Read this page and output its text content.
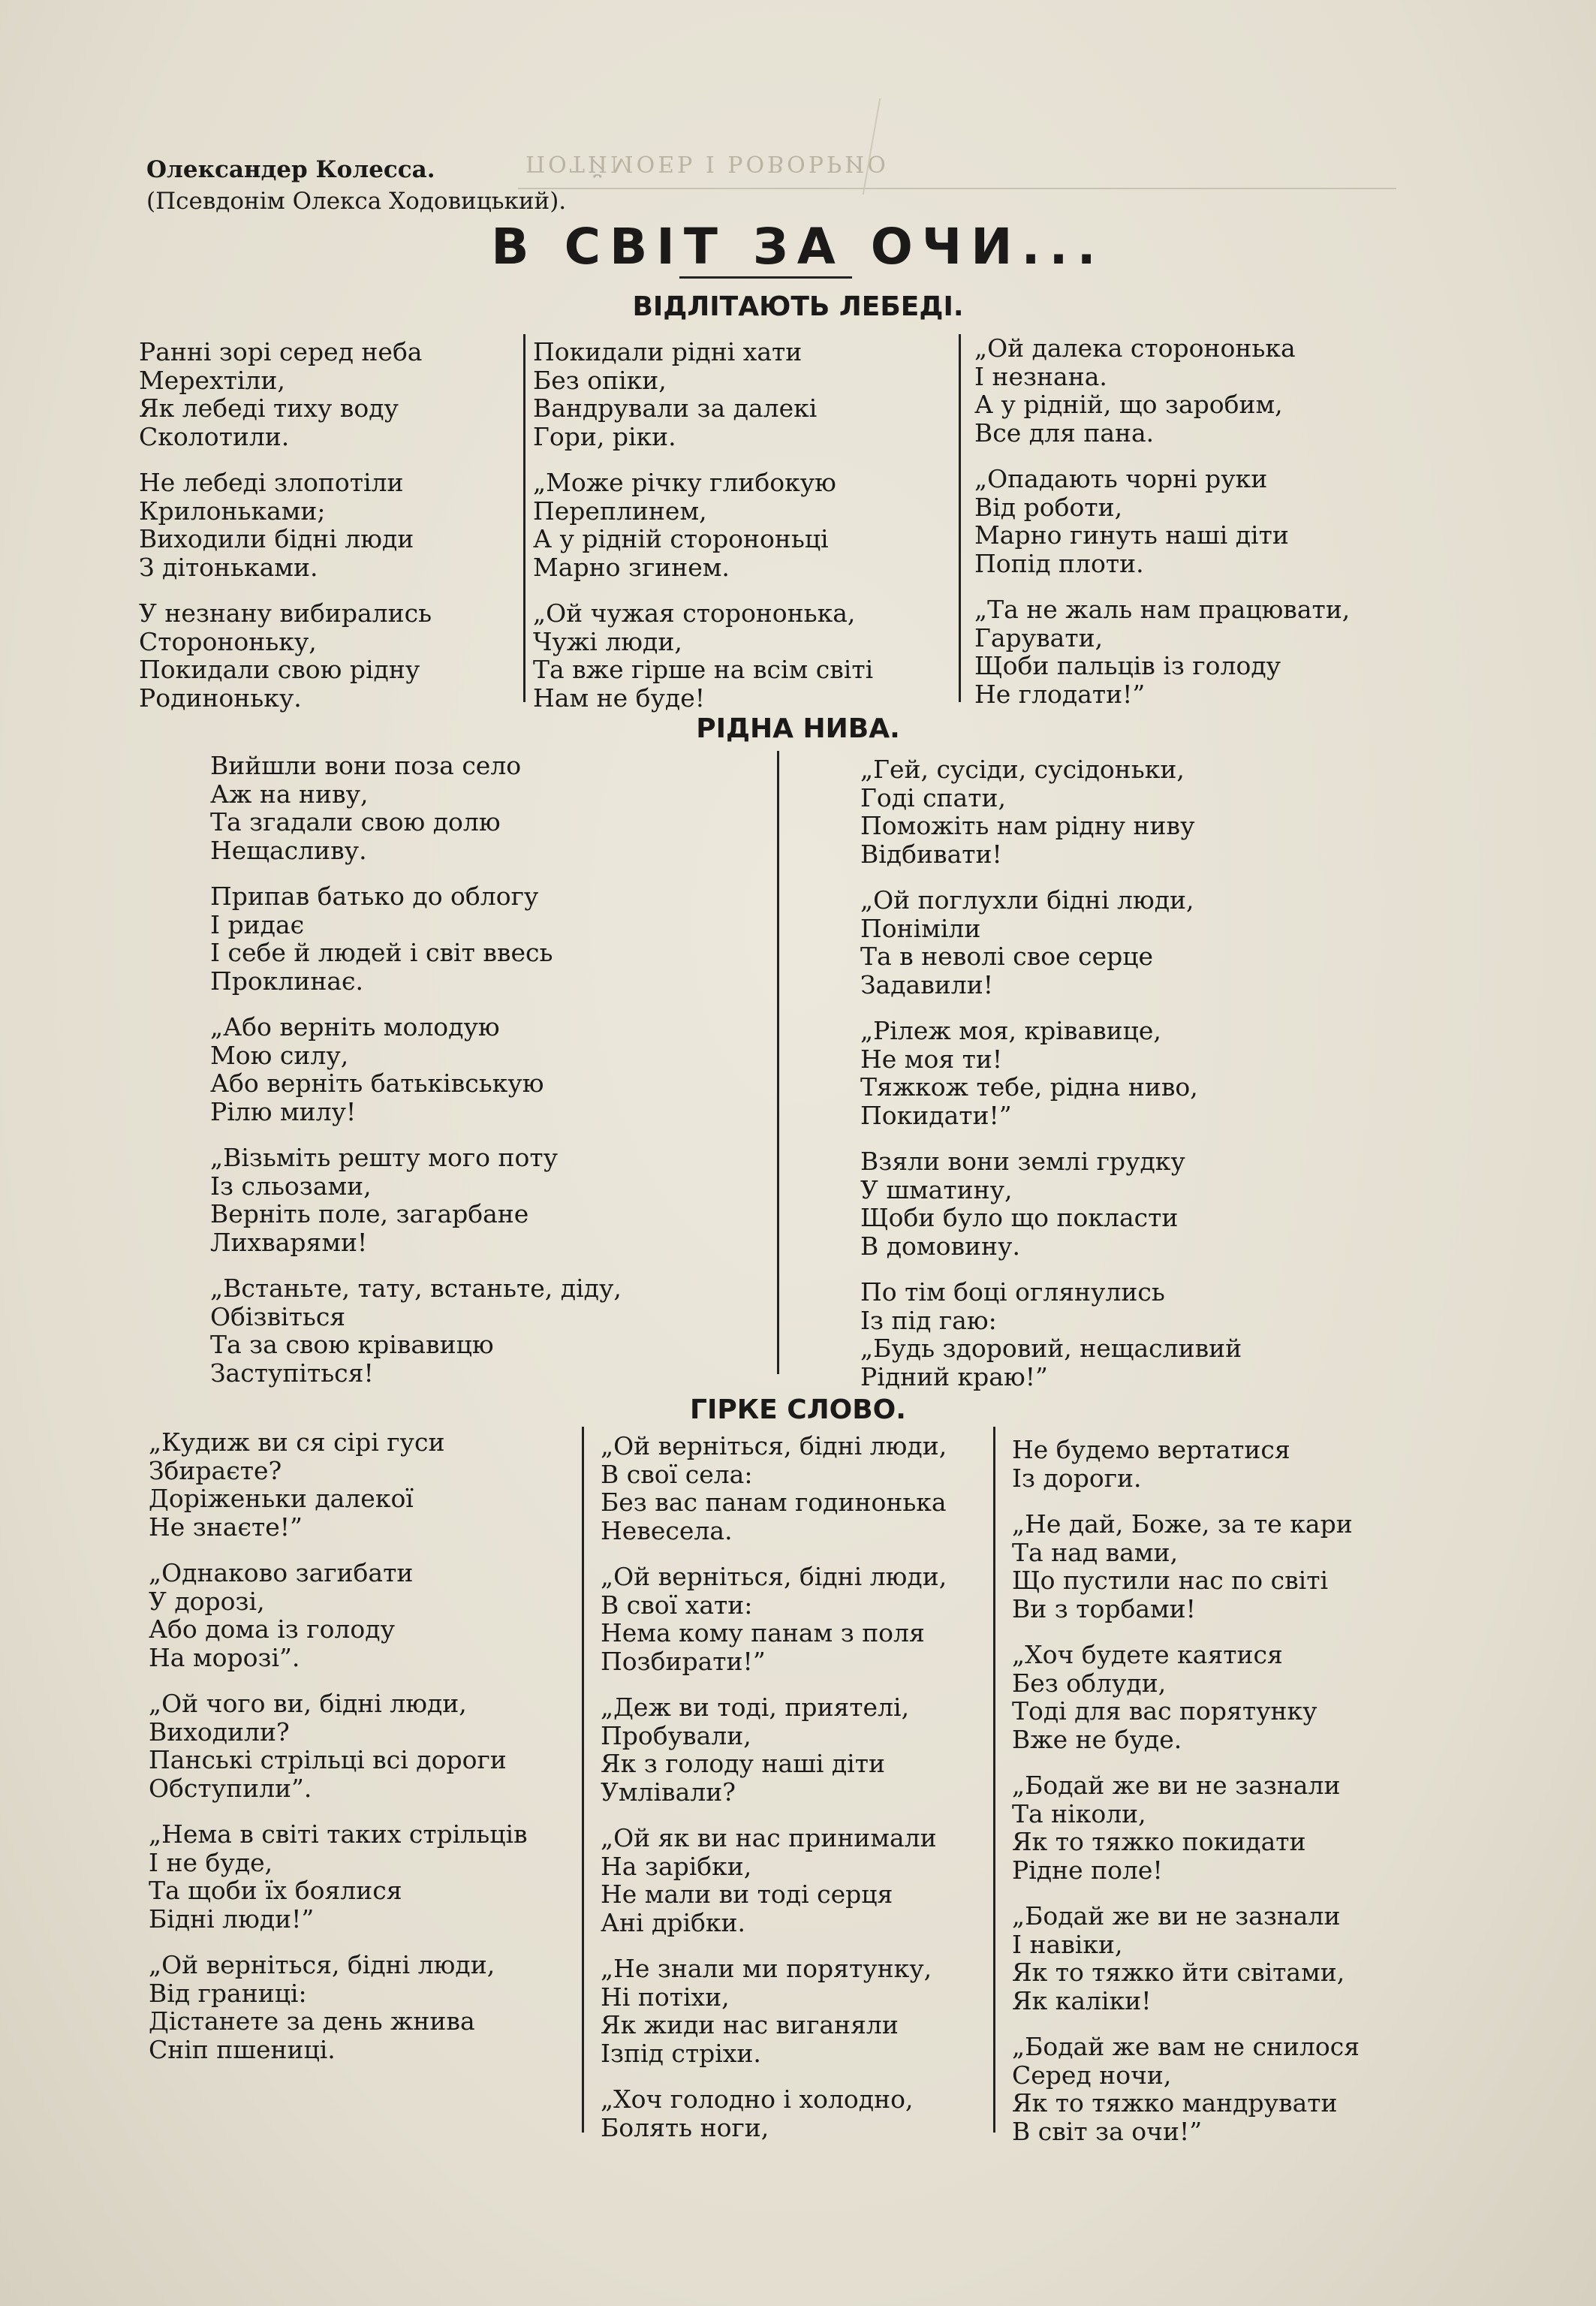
ПОТЙМОЕЬ І ЬОВОЬРИО
Олександер Колесса.
(Псевдонім Олекса Ходовицький).
В СВІТ ЗА ОЧИ...
ВІДЛІТАЮТЬ ЛЕБЕДІ.
Ранні зорі серед неба
Мерехтіли,
Як лебеді тиху воду
Сколотили.
Не лебеді злопотіли
Крилоньками;
Виходили бідні люди
З дітоньками.
У незнану вибирались
Сторононьку,
Покидали свою рідну
Родиноньку.
Покидали рідні хати
Без опіки,
Вандрували за далекі
Гори, ріки.
„Може річку глибокую
Переплинем,
А у рідній сторононьці
Марно згинем.
„Ой чужая сторононька,
Чужі люди,
Та вже гірше на всім світі
Нам не буде!
„Ой далека сторононька
І незнана.
А у рідній, що заробим,
Все для пана.
„Опадають чорні руки
Від роботи,
Марно гинуть наші діти
Попід плоти.
„Та не жаль нам працювати,
Гарувати,
Щоби пальців із голоду
Не глодати!”
РІДНА НИВА.
Вийшли вони поза село
Аж на ниву,
Та згадали свою долю
Нещасливу.
Припав батько до облогу
І ридає
І себе й людей і світ ввесь
Проклинає.
„Або верніть молодую
Мою силу,
Або верніть батьківськую
Рілю милу!
„Візьміть решту мого поту
Із сльозами,
Верніть поле, загарбане
Лихварями!
„Встаньте, тату, встаньте, діду,
Обізвіться
Та за свою крівавицю
Заступіться!
„Гей, сусіди, сусідоньки,
Годі спати,
Поможіть нам рідну ниву
Відбивати!
„Ой поглухли бідні люди,
Поніміли
Та в неволі свое серце
Задавили!
„Рілеж моя, крівавице,
Не моя ти!
Тяжкож тебе, рідна ниво,
Покидати!”
Взяли вони землі грудку
У шматину,
Щоби було що покласти
В домовину.
По тім боці оглянулись
Із під гаю:
„Будь здоровий, нещасливий
Рідний краю!”
ГІРКЕ СЛОВО.
„Кудиж ви ся сірі гуси
Збираєте?
Доріженьки далекої
Не знаєте!”
„Однаково загибати
У дорозі,
Або дома із голоду
На морозі”.
„Ой чого ви, бідні люди,
Виходили?
Панські стрільці всі дороги
Обступили”.
„Нема в світі таких стрільців
І не буде,
Та щоби їх боялися
Бідні люди!”
„Ой верніться, бідні люди,
Від границі:
Дістанете за день жнива
Сніп пшениці.
„Ой верніться, бідні люди,
В свої села:
Без вас панам годинонька
Невесела.
„Ой верніться, бідні люди,
В свої хати:
Нема кому панам з поля
Позбирати!”
„Деж ви тоді, приятелі,
Пробували,
Як з голоду наші діти
Умлівали?
„Ой як ви нас принимали
На зарібки,
Не мали ви тоді серця
Ані дрібки.
„Не знали ми порятунку,
Ні потіхи,
Як жиди нас виганяли
Ізпід стріхи.
„Хоч голодно і холодно,
Болять ноги,
Не будемо вертатися
Із дороги.
„Не дай, Боже, за те кари
Та над вами,
Що пустили нас по світі
Ви з торбами!
„Хоч будете каятися
Без облуди,
Тоді для вас порятунку
Вже не буде.
„Бодай же ви не зазнали
Та ніколи,
Як то тяжко покидати
Рідне поле!
„Бодай же ви не зазнали
І навіки,
Як то тяжко йти світами,
Як каліки!
„Бодай же вам не снилося
Серед ночи,
Як то тяжко мандрувати
В світ за очи!”
